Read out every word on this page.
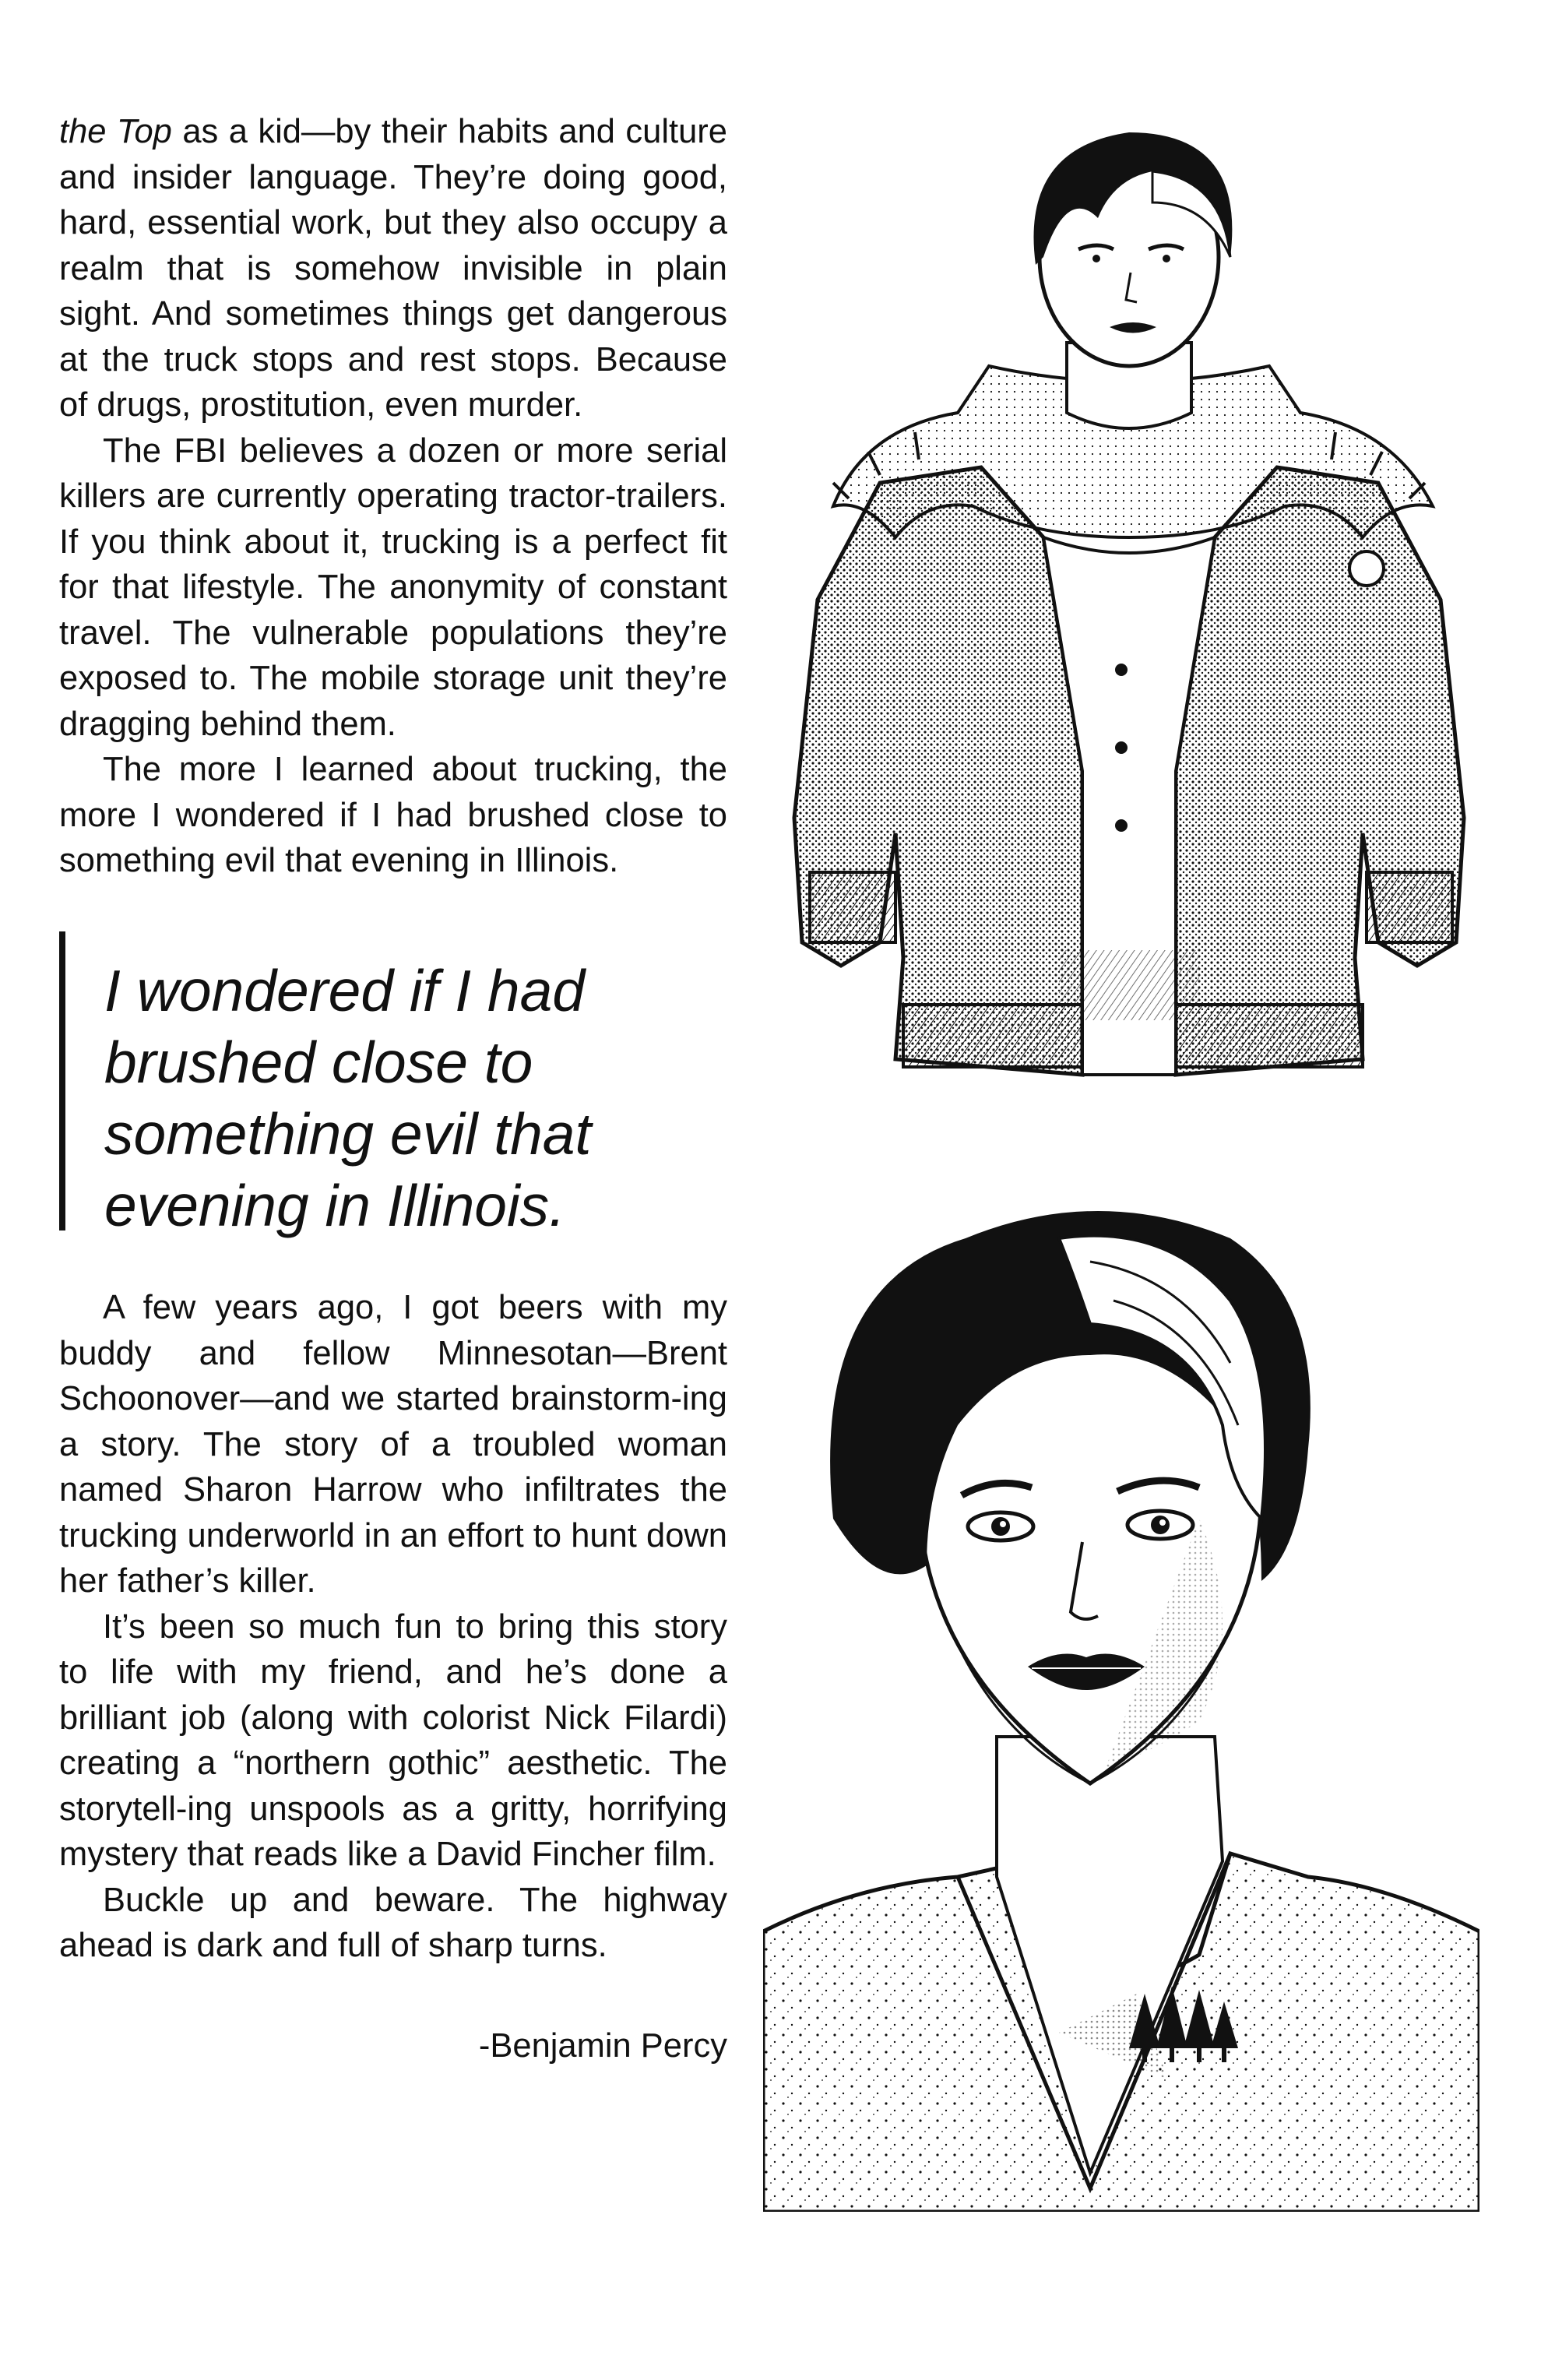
the Top as a kid—by their habits and culture and insider language. They’re doing good, hard, essential work, but they also occupy a realm that is somehow invisible in plain sight. And sometimes things get dangerous at the truck stops and rest stops. Because of drugs, prostitution, even murder.

The FBI believes a dozen or more serial killers are currently operating tractor-trailers. If you think about it, trucking is a perfect fit for that lifestyle. The anonymity of constant travel. The vulnerable populations they’re exposed to. The mobile storage unit they’re dragging behind them.

The more I learned about trucking, the more I wondered if I had brushed close to something evil that evening in Illinois.

I wondered if I had brushed close to something evil that evening in Illinois.

A few years ago, I got beers with my buddy and fellow Minnesotan—Brent Schoonover—and we started brainstorm-ing a story. The story of a troubled woman named Sharon Harrow who infiltrates the trucking underworld in an effort to hunt down her father’s killer.

It’s been so much fun to bring this story to life with my friend, and he’s done a brilliant job (along with colorist Nick Filardi) creating a “northern gothic” aesthetic. The storytell-ing unspools as a gritty, horrifying mystery that reads like a David Fincher film.

Buckle up and beware. The highway ahead is dark and full of sharp turns.

-Benjamin Percy
